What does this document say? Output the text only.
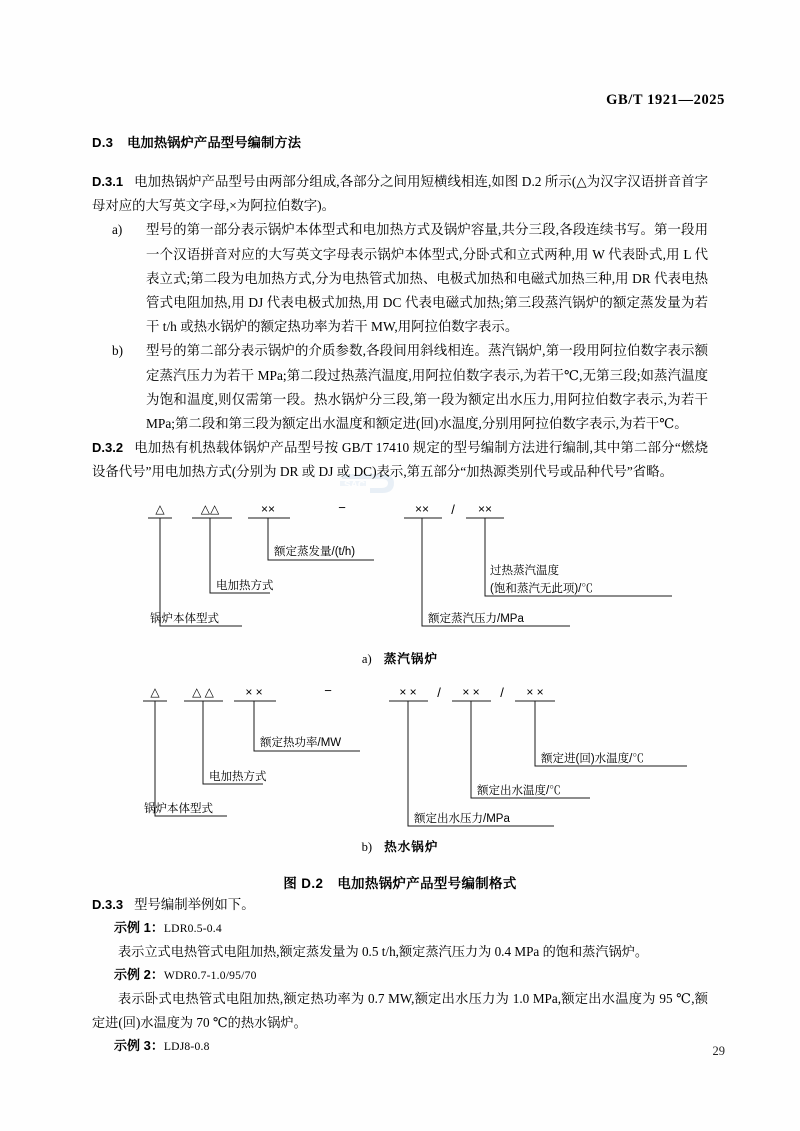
GB/T 1921—2025
SAC
D.3 电加热锅炉产品型号编制方法

D.3.1 电加热锅炉产品型号由两部分组成,各部分之间用短横线相连,如图 D.2 所示(△为汉字汉语拼音首字母对应的大写英文字母,×为阿拉伯数字)。

a) 型号的第一部分表示锅炉本体型式和电加热方式及锅炉容量,共分三段,各段连续书写。第一段用一个汉语拼音对应的大写英文字母表示锅炉本体型式,分卧式和立式两种,用 W 代表卧式,用 L 代表立式;第二段为电加热方式,分为电热管式加热、电极式加热和电磁式加热三种,用 DR 代表电热管式电阻加热,用 DJ 代表电极式加热,用 DC 代表电磁式加热;第三段蒸汽锅炉的额定蒸发量为若干 t/h 或热水锅炉的额定热功率为若干 MW,用阿拉伯数字表示。
b) 型号的第二部分表示锅炉的介质参数,各段间用斜线相连。蒸汽锅炉,第一段用阿拉伯数字表示额定蒸汽压力为若干 MPa;第二段过热蒸汽温度,用阿拉伯数字表示,为若干℃,无第三段;如蒸汽温度为饱和温度,则仅需第一段。热水锅炉分三段,第一段为额定出水压力,用阿拉伯数字表示,为若干 MPa;第二段和第三段为额定出水温度和额定进(回)水温度,分别用阿拉伯数字表示,为若干℃。

D.3.2 电加热有机热载体锅炉产品型号按 GB/T 17410 规定的型号编制方法进行编制,其中第二部分“燃烧设备代号”用电加热方式(分别为 DR 或 DJ 或 DC)表示,第五部分“加热源类别代号或品种代号”省略。

△	△△	××	−	×× / ××
额定蒸发量/(t/h)
电加热方式
锅炉本体型式
过热蒸汽温度
(饱和蒸汽无此项)/℃
额定蒸汽压力/MPa
a) 蒸汽锅炉
△	△ △	× ×	−	× × / × × / × ×
额定热功率/MW
电加热方式
锅炉本体型式
额定进(回)水温度/℃
额定出水温度/℃
额定出水压力/MPa
b) 热水锅炉
图 D.2 电加热锅炉产品型号编制格式

D.3.3 型号编制举例如下。

示例 1：LDR0.5-0.4

表示立式电热管式电阻加热,额定蒸发量为 0.5 t/h,额定蒸汽压力为 0.4 MPa 的饱和蒸汽锅炉。

示例 2：WDR0.7-1.0/95/70

表示卧式电热管式电阻加热,额定热功率为 0.7 MW,额定出水压力为 1.0 MPa,额定出水温度为 95 ℃,额定进(回)水温度为 70 ℃的热水锅炉。

示例 3：LDJ8-0.8	29
